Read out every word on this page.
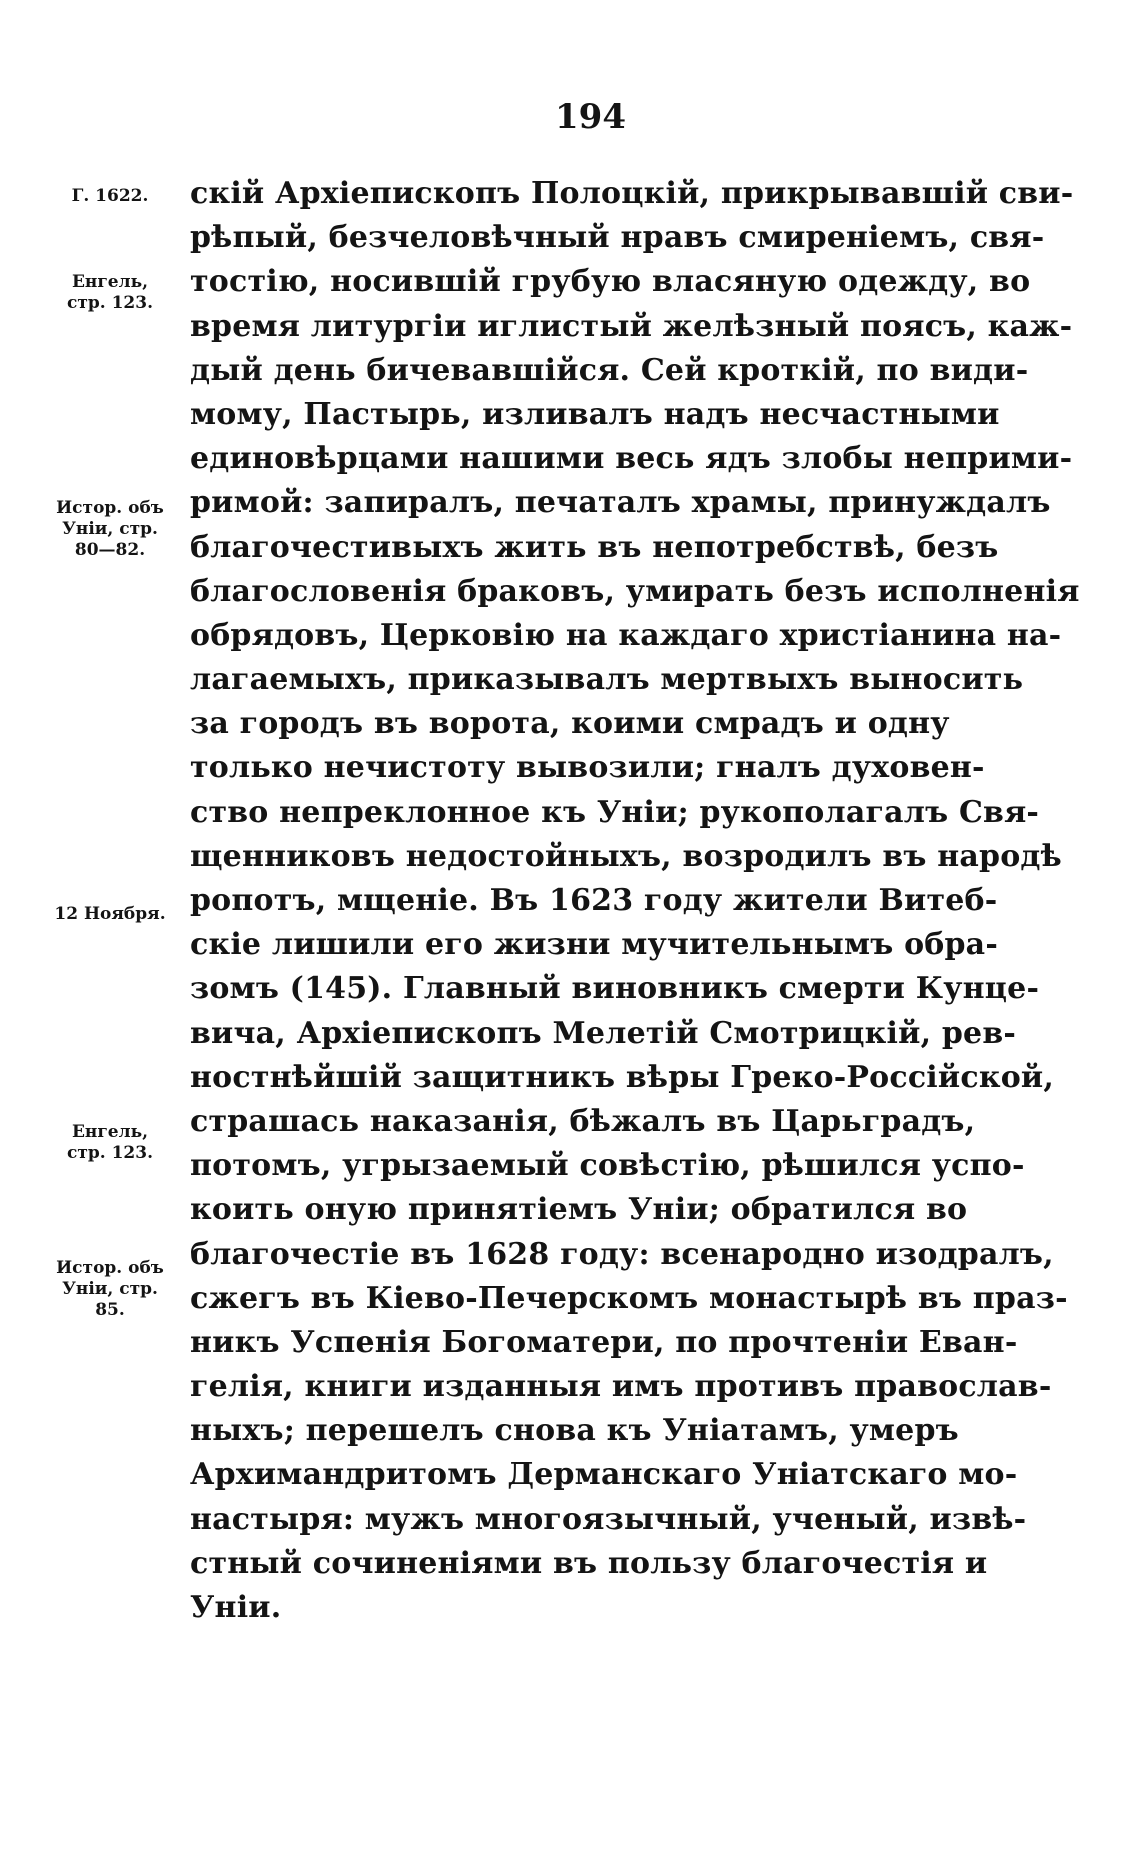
194
Г. 1622.
Енгель,
стр. 123.
Истор. объ
Уніи, стр.
80—82.
12 Ноября.
Енгель,
стр. 123.
Истор. объ
Уніи, стр.
85.
скій Архіепископъ Полоцкій, прикрывавшій сви-
рѣпый, безчеловѣчный нравъ смиреніемъ, свя-
тостію, носившій грубую власяную одежду, во
время литургіи иглистый желѣзный поясъ, каж-
дый день бичевавшійся. Сей кроткій, по види-
мому, Пастырь, изливалъ надъ несчастными
единовѣрцами нашими весь ядъ злобы неприми-
римой: запиралъ, печаталъ храмы, принуждалъ
благочестивыхъ жить въ непотребствѣ, безъ
благословенія браковъ, умирать безъ исполненія
обрядовъ, Церковію на каждаго христіанина на-
лагаемыхъ, приказывалъ мертвыхъ выносить
за городъ въ ворота, коими смрадъ и одну
только нечистоту вывозили; гналъ духовен-
ство непреклонное къ Уніи; рукополагалъ Свя-
щенниковъ недостойныхъ, возродилъ въ народѣ
ропотъ, мщеніе. Въ 1623 году жители Витеб-
скіе лишили его жизни мучительнымъ обра-
зомъ (145). Главный виновникъ смерти Кунце-
вича, Архіепископъ Мелетій Смотрицкій, рев-
ностнѣйшій защитникъ вѣры Греко-Россійской,
страшась наказанія, бѣжалъ въ Царьградъ,
потомъ, угрызаемый совѣстію, рѣшился успо-
коить оную принятіемъ Уніи; обратился во
благочестіе въ 1628 году: всенародно изодралъ,
сжегъ въ Кіево-Печерскомъ монастырѣ въ праз-
никъ Успенія Богоматери, по прочтеніи Еван-
гелія, книги изданныя имъ противъ православ-
ныхъ; перешелъ снова къ Уніатамъ, умеръ
Архимандритомъ Дерманскаго Уніатскаго мо-
настыря: мужъ многоязычный, ученый, извѣ-
стный сочиненіями въ пользу благочестія и
Уніи.
